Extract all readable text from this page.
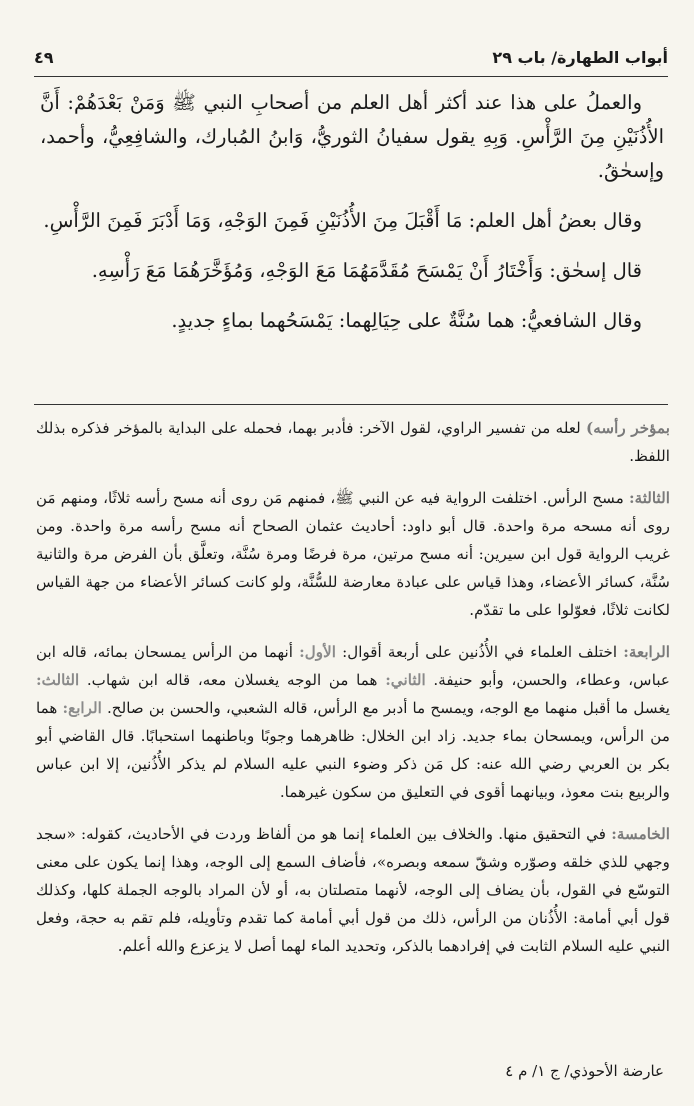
أبواب الطهارة/ باب ٢٩
٤٩

والعملُ على هذا عند أكثر أهل العلم من أصحابِ النبي ﷺ وَمَنْ بَعْدَهُمْ: أَنَّ الأُذُنَيْنِ مِنَ الرَّأْسِ. وَبِهِ يقول سفيانُ الثوريُّ، وَابنُ المُبارك، والشافِعِيُّ، وأحمد، وإسحٰقُ.

وقال بعضُ أهل العلم: مَا أَقْبَلَ مِنَ الأُذُنَيْنِ فَمِنَ الوَجْهِ، وَمَا أَدْبَرَ فَمِنَ الرَّأْسِ.

قال إسحٰق: وَأَخْتَارُ أَنْ يَمْسَحَ مُقَدَّمَهُمَا مَعَ الوَجْهِ، وَمُؤَخَّرَهُمَا مَعَ رَأْسِهِ.

وقال الشافعيُّ: هما سُنَّةٌ على حِيَالِهما: يَمْسَحُهما بماءٍ جديدٍ.

بمؤخر رأسه) لعله من تفسير الراوي، لقول الآخر: فأدبر بهما، فحمله على البداية بالمؤخر فذكره بذلك اللفظ.

الثالثة: مسح الرأس. اختلفت الرواية فيه عن النبي ﷺ، فمنهم مَن روى أنه مسح رأسه ثلاثًا، ومنهم مَن روى أنه مسحه مرة واحدة. قال أبو داود: أحاديث عثمان الصحاح أنه مسح رأسه مرة واحدة. ومن غريب الرواية قول ابن سيرين: أنه مسح مرتين، مرة فرضًا ومرة سُنَّة، وتعلَّق بأن الفرض مرة والثانية سُنَّة، كسائر الأعضاء، وهذا قياس على عبادة معارضة للسُّنَّة، ولو كانت كسائر الأعضاء من جهة القياس لكانت ثلاثًا، فعوّلوا على ما تقدّم.

الرابعة: اختلف العلماء في الأُذُنين على أربعة أقوال: الأول: أنهما من الرأس يمسحان بمائه، قاله ابن عباس، وعطاء، والحسن، وأبو حنيفة. الثاني: هما من الوجه يغسلان معه، قاله ابن شهاب. الثالث: يغسل ما أقبل منهما مع الوجه، ويمسح ما أدبر مع الرأس، قاله الشعبي، والحسن بن صالح. الرابع: هما من الرأس، ويمسحان بماء جديد. زاد ابن الخلال: ظاهرهما وجوبًا وباطنهما استحبابًا. قال القاضي أبو بكر بن العربي رضي الله عنه: كل مَن ذكر وضوء النبي عليه السلام لم يذكر الأُذُنين، إلا ابن عباس والربيع بنت معوذ، وبيانهما أقوى في التعليق من سكون غيرهما.

الخامسة: في التحقيق منها. والخلاف بين العلماء إنما هو من ألفاظ وردت في الأحاديث، كقوله: «سجد وجهي للذي خلقه وصوّره وشقّ سمعه وبصره»، فأضاف السمع إلى الوجه، وهذا إنما يكون على معنى التوسّع في القول، بأن يضاف إلى الوجه، لأنهما متصلتان به، أو لأن المراد بالوجه الجملة كلها، وكذلك قول أبي أمامة: الأُذُنان من الرأس، ذلك من قول أبي أمامة كما تقدم وتأويله، فلم تقم به حجة، وفعل النبي عليه السلام الثابت في إفرادهما بالذكر، وتحديد الماء لهما أصل لا يزعزع والله أعلم.

عارضة الأحوذي/ ج ١/ م ٤
